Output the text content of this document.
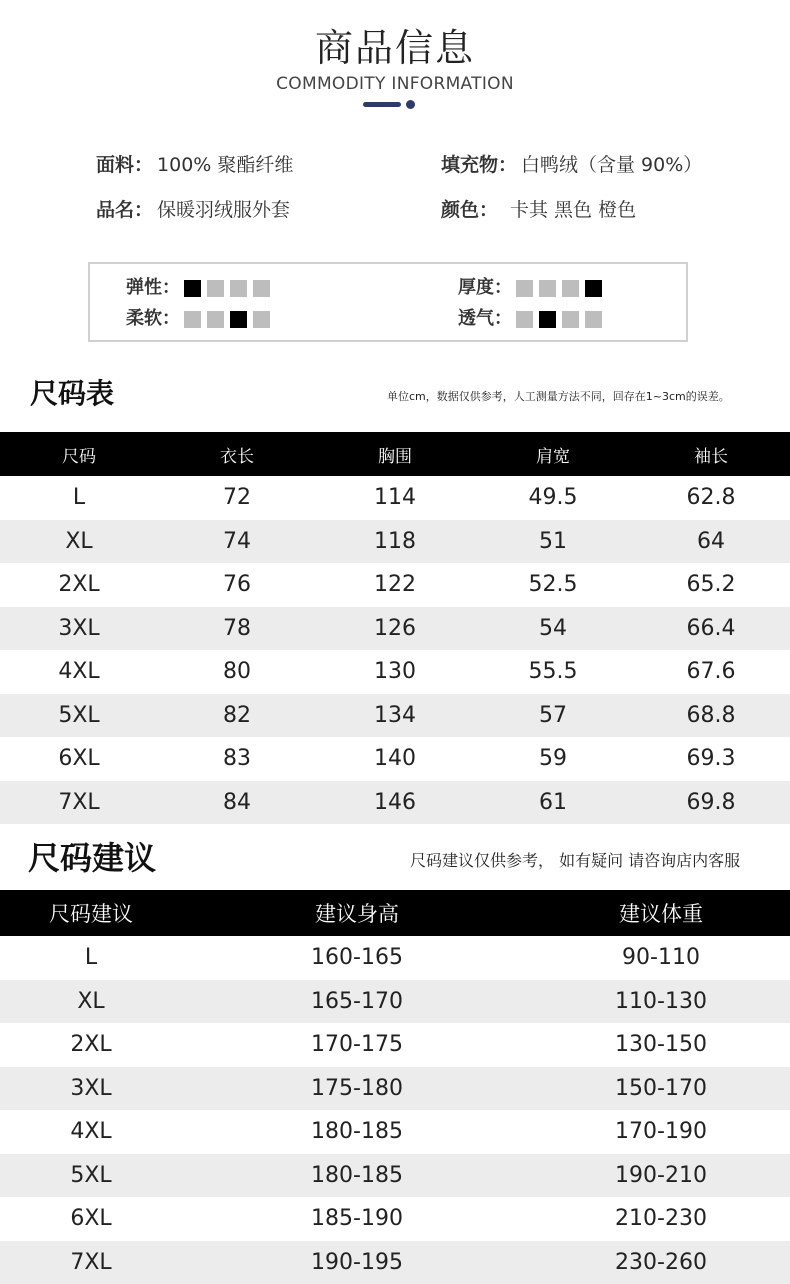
商品信息
COMMODITY INFORMATION
面料： 100% 聚酯纤维	填充物： 白鸭绒（含量 90%）
品名： 保暖羽绒服外套	颜色： 卡其 黑色 橙色
弹性：	厚度：
柔软：	透气：
尺码表	单位cm，数据仅供参考，人工测量方法不同，回存在1~3cm的误差。
尺码	衣长	胸围	肩宽	袖长
L	72	114	49.5	62.8
XL	74	118	51	64
2XL	76	122	52.5	65.2
3XL	78	126	54	66.4
4XL	80	130	55.5	67.6
5XL	82	134	57	68.8
6XL	83	140	59	69.3
7XL	84	146	61	69.8
尺码建议	尺码建议仅供参考， 如有疑问 请咨询店内客服
尺码建议	建议身高	建议体重
L	160-165	90-110
XL	165-170	110-130
2XL	170-175	130-150
3XL	175-180	150-170
4XL	180-185	170-190
5XL	180-185	190-210
6XL	185-190	210-230
7XL	190-195	230-260
